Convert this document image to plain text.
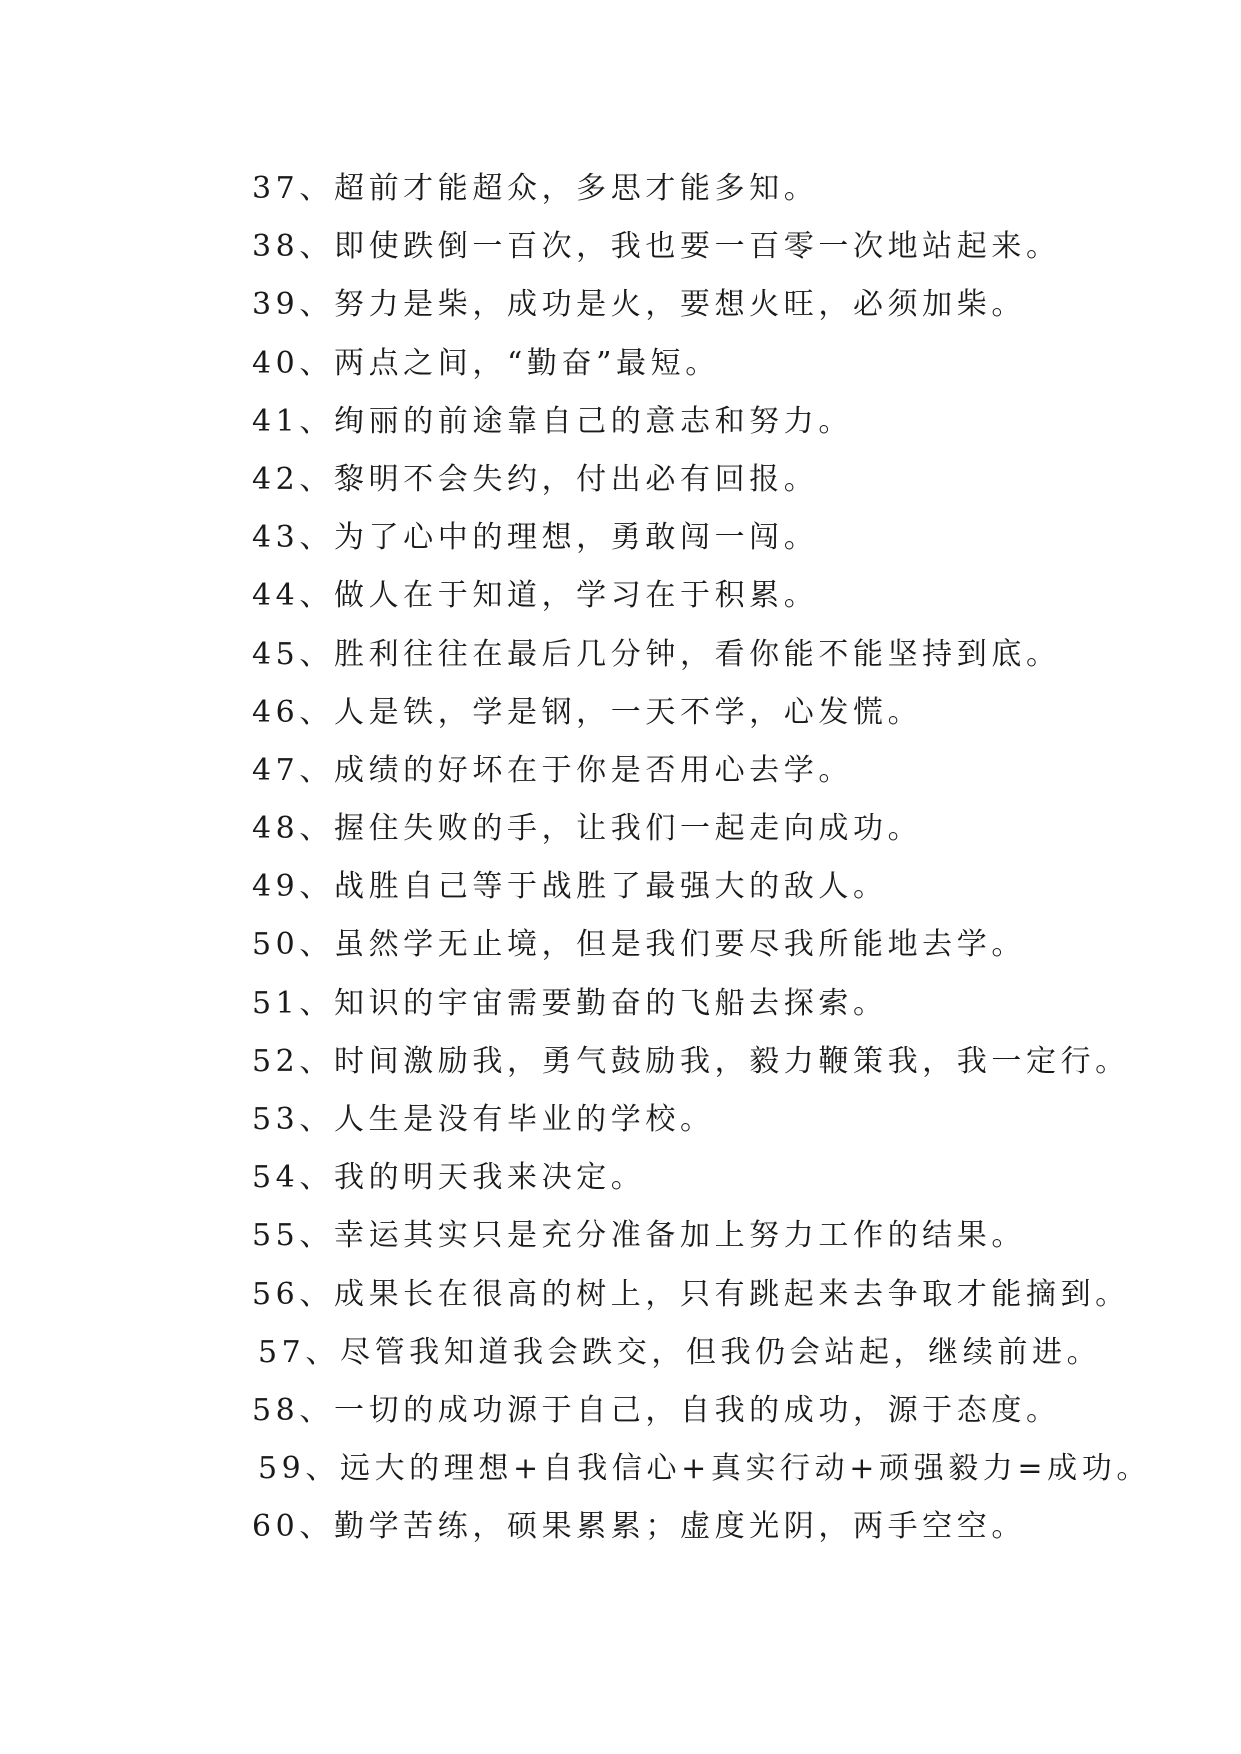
37、超前才能超众，多思才能多知。
38、即使跌倒一百次，我也要一百零一次地站起来。
39、努力是柴，成功是火，要想火旺，必须加柴。
40、两点之间，“勤奋”最短。
41、绚丽的前途靠自己的意志和努力。
42、黎明不会失约，付出必有回报。
43、为了心中的理想，勇敢闯一闯。
44、做人在于知道，学习在于积累。
45、胜利往往在最后几分钟，看你能不能坚持到底。
46、人是铁，学是钢，一天不学，心发慌。
47、成绩的好坏在于你是否用心去学。
48、握住失败的手，让我们一起走向成功。
49、战胜自己等于战胜了最强大的敌人。
50、虽然学无止境，但是我们要尽我所能地去学。
51、知识的宇宙需要勤奋的飞船去探索。
52、时间激励我，勇气鼓励我，毅力鞭策我，我一定行。
53、人生是没有毕业的学校。
54、我的明天我来决定。
55、幸运其实只是充分准备加上努力工作的结果。
56、成果长在很高的树上，只有跳起来去争取才能摘到。
57、尽管我知道我会跌交，但我仍会站起，继续前进。
58、一切的成功源于自己，自我的成功，源于态度。
59、远大的理想+自我信心+真实行动+顽强毅力=成功。
60、勤学苦练，硕果累累；虚度光阴，两手空空。
